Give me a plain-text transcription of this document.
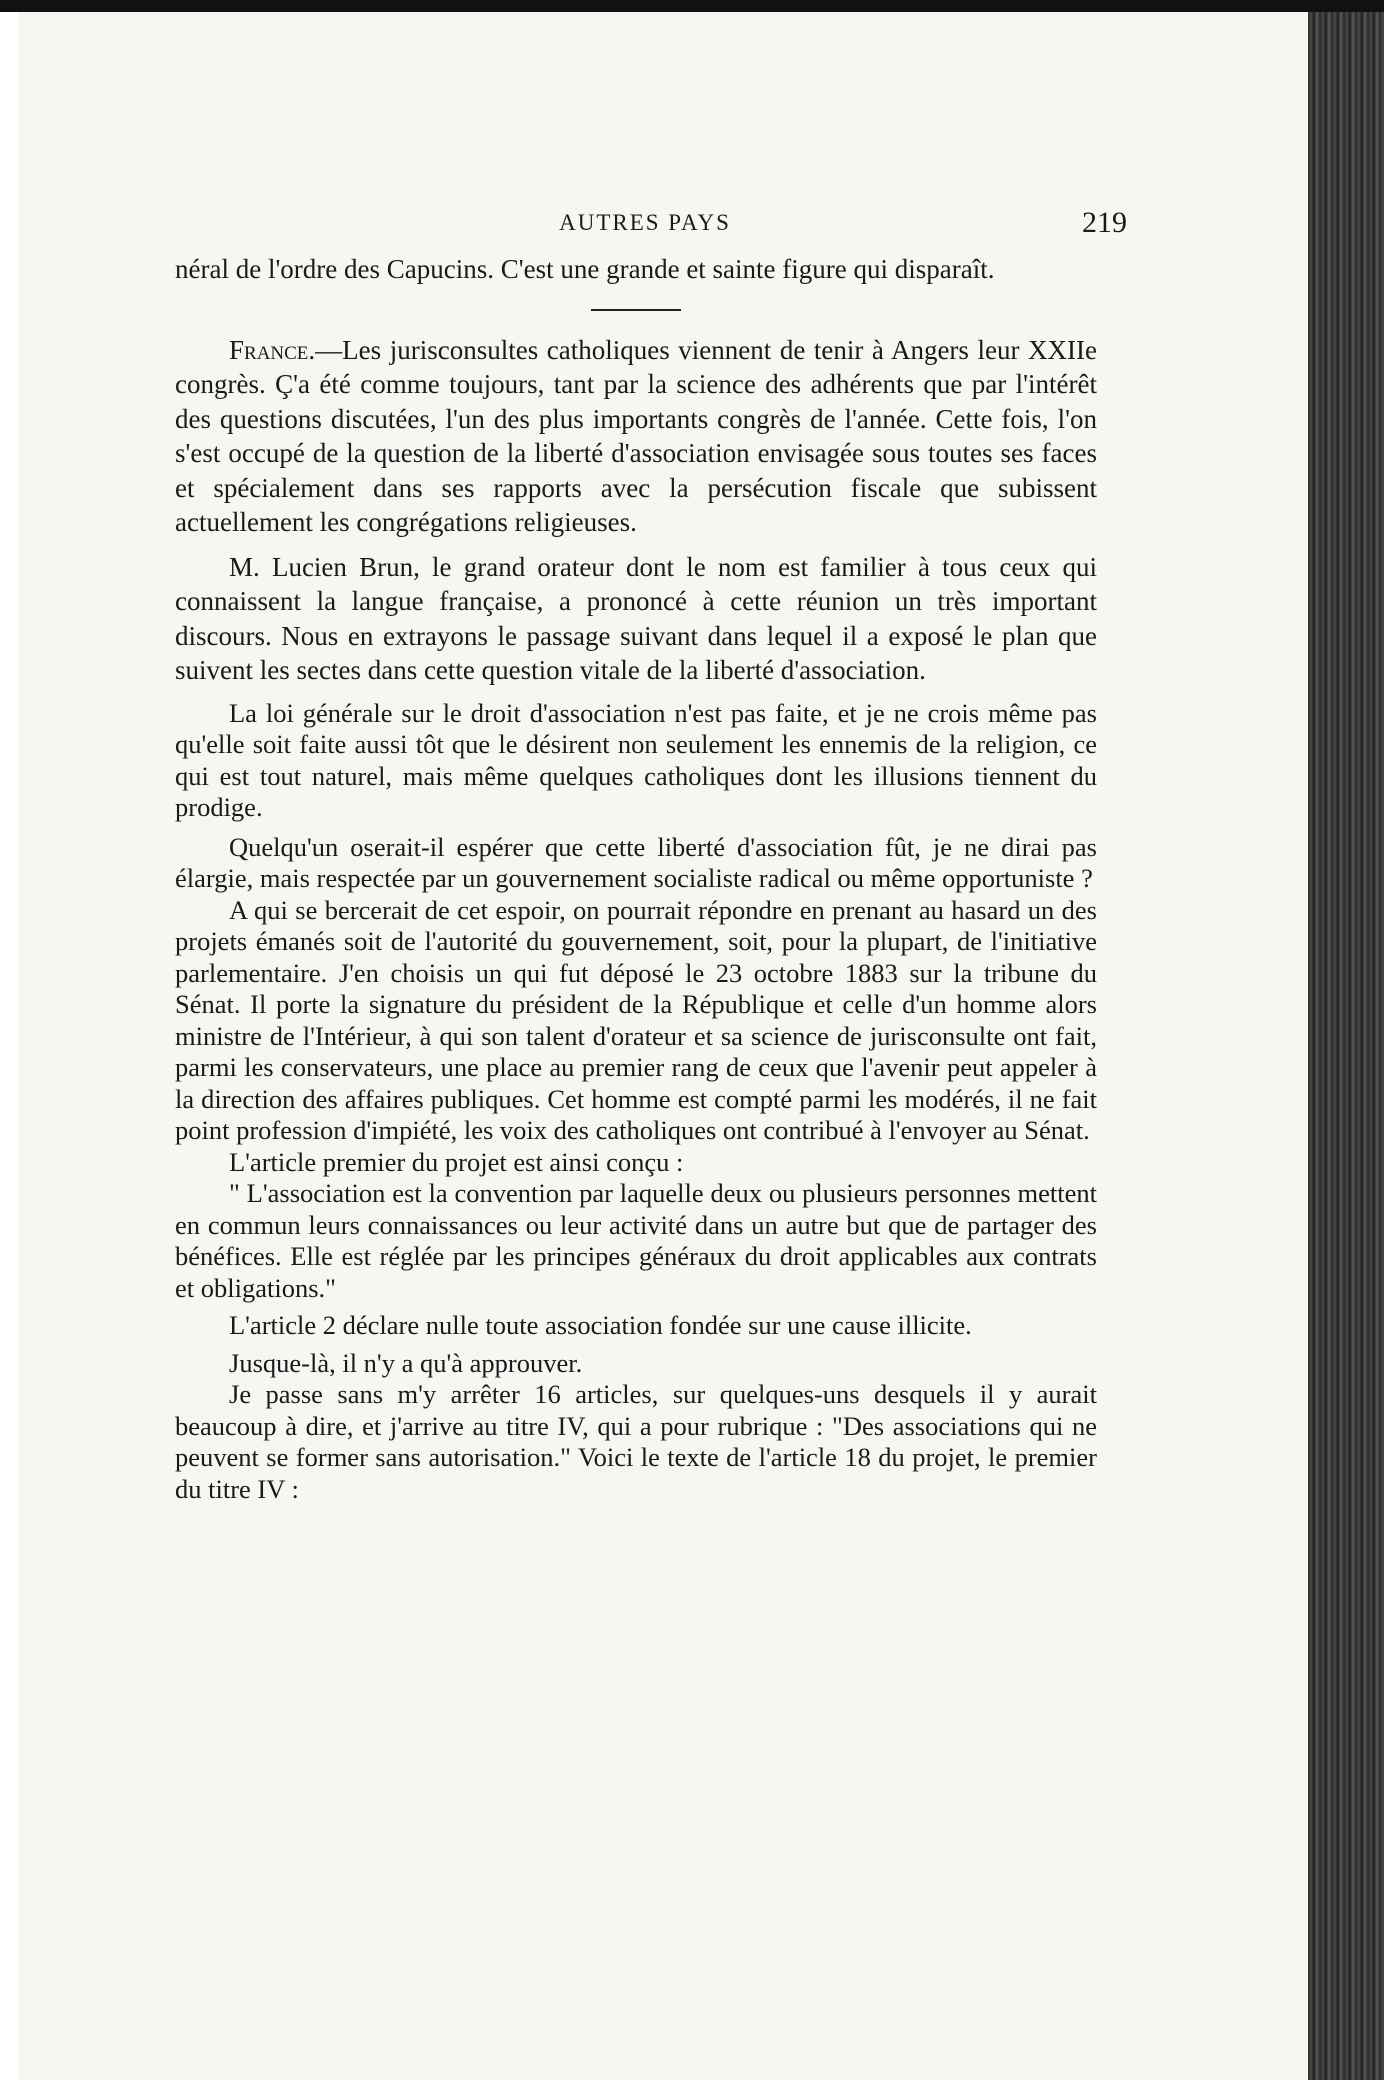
AUTRES PAYS	219

néral de l'ordre des Capucins. C'est une grande et sainte figure qui disparaît.

France.—Les jurisconsultes catholiques viennent de tenir à Angers leur XXIIe congrès. Ç'a été comme toujours, tant par la science des adhérents que par l'intérêt des questions discutées, l'un des plus importants congrès de l'année. Cette fois, l'on s'est occupé de la question de la liberté d'association envisagée sous toutes ses faces et spécialement dans ses rapports avec la persécution fiscale que subissent actuellement les congrégations religieuses.

M. Lucien Brun, le grand orateur dont le nom est familier à tous ceux qui connaissent la langue française, a prononcé à cette réunion un très important discours. Nous en extrayons le passage suivant dans lequel il a exposé le plan que suivent les sectes dans cette question vitale de la liberté d'association.

La loi générale sur le droit d'association n'est pas faite, et je ne crois même pas qu'elle soit faite aussi tôt que le désirent non seulement les ennemis de la religion, ce qui est tout naturel, mais même quelques catholiques dont les illusions tiennent du prodige.

Quelqu'un oserait-il espérer que cette liberté d'association fût, je ne dirai pas élargie, mais respectée par un gouvernement socialiste radical ou même opportuniste ?

A qui se bercerait de cet espoir, on pourrait répondre en prenant au hasard un des projets émanés soit de l'autorité du gouvernement, soit, pour la plupart, de l'initiative parlementaire. J'en choisis un qui fut déposé le 23 octobre 1883 sur la tribune du Sénat. Il porte la signature du président de la République et celle d'un homme alors ministre de l'Intérieur, à qui son talent d'orateur et sa science de jurisconsulte ont fait, parmi les conservateurs, une place au premier rang de ceux que l'avenir peut appeler à la direction des affaires publiques. Cet homme est compté parmi les modérés, il ne fait point profession d'impiété, les voix des catholiques ont contribué à l'envoyer au Sénat.

L'article premier du projet est ainsi conçu :

" L'association est la convention par laquelle deux ou plusieurs personnes mettent en commun leurs connaissances ou leur activité dans un autre but que de partager des bénéfices. Elle est réglée par les principes généraux du droit applicables aux contrats et obligations."

L'article 2 déclare nulle toute association fondée sur une cause illicite.

Jusque-là, il n'y a qu'à approuver.

Je passe sans m'y arrêter 16 articles, sur quelques-uns desquels il y aurait beaucoup à dire, et j'arrive au titre IV, qui a pour rubrique : "Des associations qui ne peuvent se former sans autorisation." Voici le texte de l'article 18 du projet, le premier du titre IV :
